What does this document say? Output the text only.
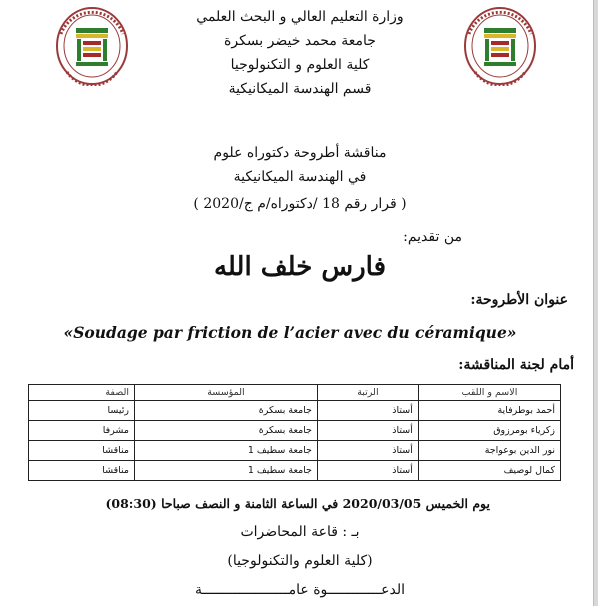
وزارة التعليم العالي و البحث العلمي
جامعة محمد خيضر بسكرة
كلية العلوم و التكنولوجيا
قسم الهندسة الميكانيكية
مناقشة أطروحة دكتوراه علوم
في الهندسة الميكانيكية
( قرار رقم 18 /دكتوراه/م ج/2020 )
من تقديم:
فارس خلف الله
عنوان الأطروحة:
«Soudage par friction de l’acier avec du céramique»
أمام لجنة المناقشة:
الاسم و اللقب	الرتبة	المؤسسة	الصفة
أحمد بوطرفاية	أستاذ	جامعة بسكرة	رئيسا
زكرياء بومرزوق	أستاذ	جامعة بسكرة	مشرفا
نور الدين بوعواجة	أستاذ	جامعة سطيف 1	مناقشا
كمال لوصيف	أستاذ	جامعة سطيف 1	مناقشا
يوم الخميس 2020/03/05 في الساعة الثامنة و النصف صباحا (08:30)
بـ : قاعة المحاضرات
(كلية العلوم والتكنولوجيا)
الدعـــــــــــــوة عامـــــــــــــــــــــة
